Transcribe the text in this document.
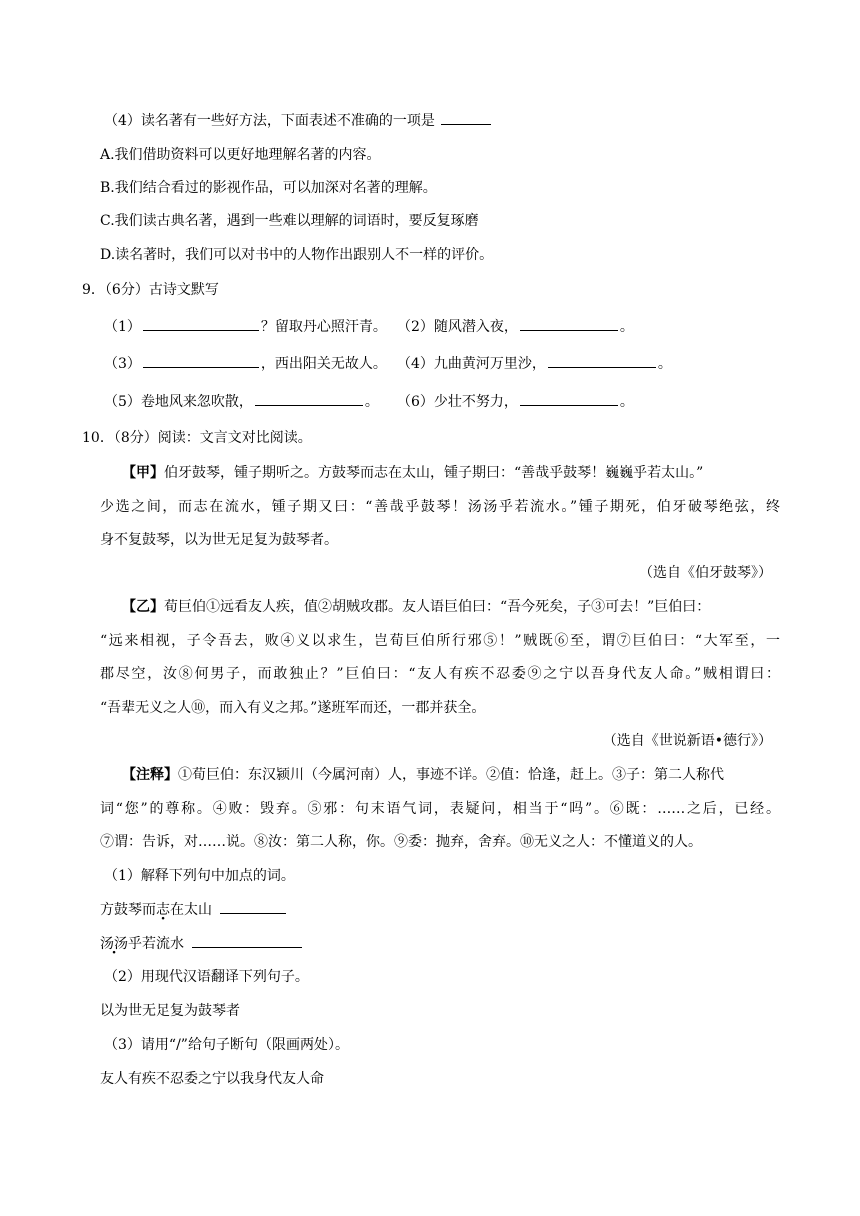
（4）读名著有一些好方法，下面表述不准确的一项是
A.我们借助资料可以更好地理解名著的内容。
B.我们结合看过的影视作品，可以加深对名著的理解。
C.我们读古典名著，遇到一些难以理解的词语时，要反复琢磨
D.读名著时，我们可以对书中的人物作出跟别人不一样的评价。
9．（6分）古诗文默写
（1）	？留取丹心照汗青。 （2）随风潜入夜，	。
（3）	，西出阳关无故人。 （4）九曲黄河万里沙，	。
（5）卷地风来忽吹散，	。 （6）少壮不努力，	。
10．（8分）阅读：文言文对比阅读。
【甲】伯牙鼓琴，锺子期听之。方鼓琴而志在太山，锺子期曰：“善哉乎鼓琴！巍巍乎若太山。”
少选之间，而志在流水，锺子期又曰：“善哉乎鼓琴！汤汤乎若流水。”锺子期死，伯牙破琴绝弦，终
身不复鼓琴，以为世无足复为鼓琴者。
（选自《伯牙鼓琴》）
【乙】荀巨伯①远看友人疾，值②胡贼攻郡。友人语巨伯曰：“吾今死矣，子③可去！”巨伯曰：
“远来相视，子令吾去，败④义以求生，岂荀巨伯所行邪⑤！”贼既⑥至，谓⑦巨伯曰：“大军至，一
郡尽空，汝⑧何男子，而敢独止？”巨伯曰：“友人有疾不忍委⑨之宁以吾身代友人命。”贼相谓曰：
“吾辈无义之人⑩，而入有义之邦。”遂班军而还，一郡并获全。
（选自《世说新语•德行》）
【注释】①荀巨伯：东汉颍川（今属河南）人，事迹不详。②值：恰逢，赶上。③子：第二人称代
词“您”的尊称。④败：毁弃。⑤邪：句末语气词，表疑问，相当于“吗”。⑥既：……之后，已经。
⑦谓：告诉，对……说。⑧汝：第二人称，你。⑨委：抛弃，舍弃。⑩无义之人：不懂道义的人。
（1）解释下列句中加点的词。
方鼓琴而志在太山
汤汤乎若流水
（2）用现代汉语翻译下列句子。
以为世无足复为鼓琴者
（3）请用“/”给句子断句（限画两处）。
友人有疾不忍委之宁以我身代友人命
